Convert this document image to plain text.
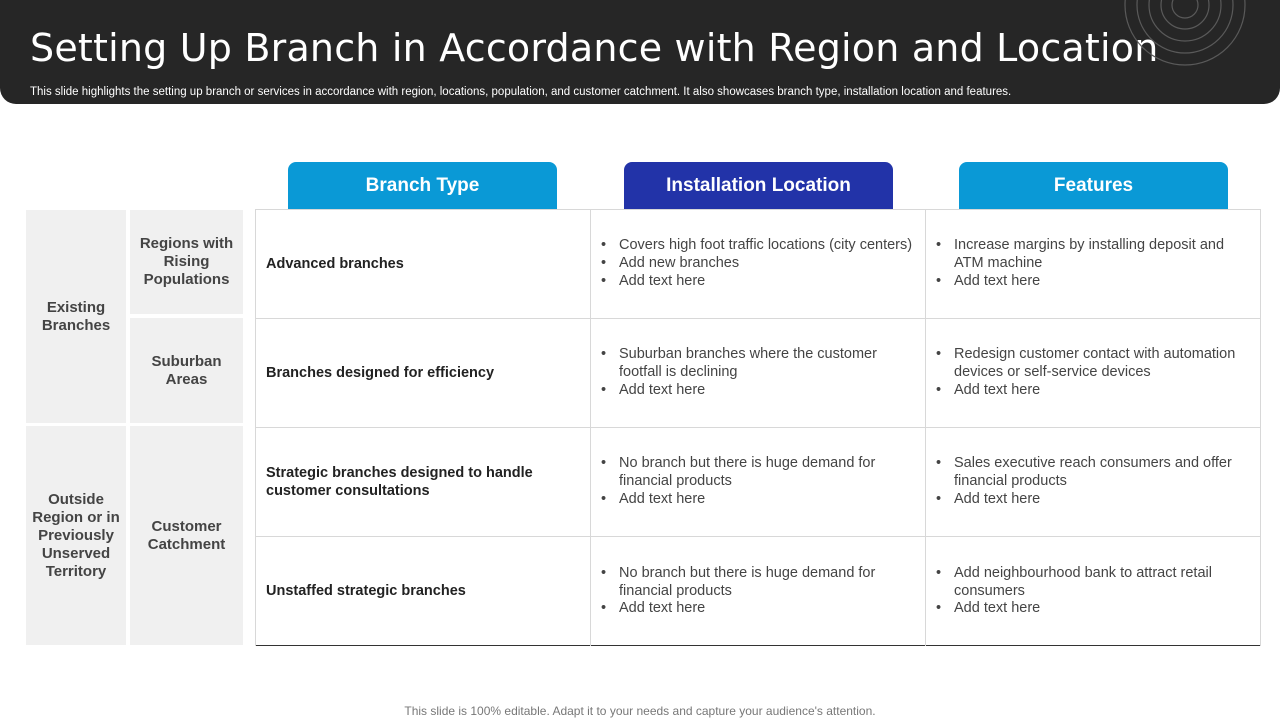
Setting Up Branch in Accordance with Region and Location

This slide highlights the setting up branch or services in accordance with region, locations, population, and customer catchment. It also showcases branch type, installation location and features.

Branch Type	Installation Location	Features
Existing Branches
Outside Region or in Previously Unserved Territory
Regions with Rising Populations
Suburban Areas
Customer Catchment
Advanced branches
• Covers high foot traffic locations (city centers)
• Add new branches
• Add text here
• Increase margins by installing deposit and ATM machine
• Add text here
Branches designed for efficiency
• Suburban branches where the customer footfall is declining
• Add text here
• Redesign customer contact with automation devices or self-service devices
• Add text here
Strategic branches designed to handle customer consultations
• No branch but there is huge demand for financial products
• Add text here
• Sales executive reach consumers and offer financial products
• Add text here
Unstaffed strategic branches
• No branch but there is huge demand for financial products
• Add text here
• Add neighbourhood bank to attract retail consumers
• Add text here
This slide is 100% editable. Adapt it to your needs and capture your audience's attention.
